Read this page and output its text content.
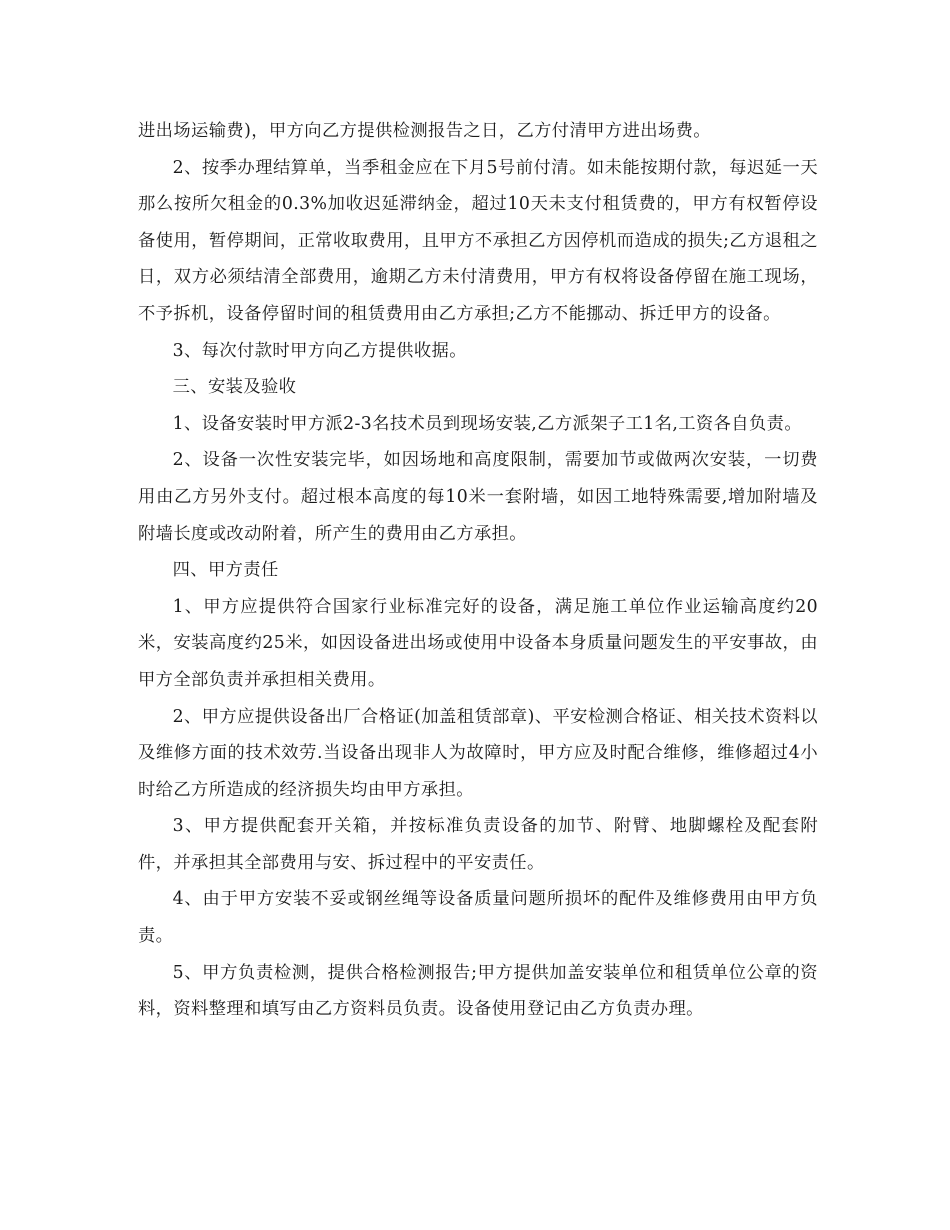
进出场运输费)，甲方向乙方提供检测报告之日，乙方付清甲方进出场费。

2、按季办理结算单，当季租金应在下月5号前付清。如未能按期付款，每迟延一天那么按所欠租金的0.3%加收迟延滞纳金，超过10天未支付租赁费的，甲方有权暂停设备使用，暂停期间，正常收取费用，且甲方不承担乙方因停机而造成的损失;乙方退租之日，双方必须结清全部费用，逾期乙方未付清费用，甲方有权将设备停留在施工现场，不予拆机，设备停留时间的租赁费用由乙方承担;乙方不能挪动、拆迁甲方的设备。

3、每次付款时甲方向乙方提供收据。

三、安装及验收

1、设备安装时甲方派2-3名技术员到现场安装,乙方派架子工1名,工资各自负责。

2、设备一次性安装完毕，如因场地和高度限制，需要加节或做两次安装，一切费用由乙方另外支付。超过根本高度的每10米一套附墙，如因工地特殊需要,增加附墙及附墙长度或改动附着，所产生的费用由乙方承担。

四、甲方责任

1、甲方应提供符合国家行业标准完好的设备，满足施工单位作业运输高度约20米，安装高度约25米，如因设备进出场或使用中设备本身质量问题发生的平安事故，由甲方全部负责并承担相关费用。

2、甲方应提供设备出厂合格证(加盖租赁部章)、平安检测合格证、相关技术资料以及维修方面的技术效劳.当设备出现非人为故障时，甲方应及时配合维修，维修超过4小时给乙方所造成的经济损失均由甲方承担。

3、甲方提供配套开关箱，并按标准负责设备的加节、附臂、地脚螺栓及配套附件，并承担其全部费用与安、拆过程中的平安责任。

4、由于甲方安装不妥或钢丝绳等设备质量问题所损坏的配件及维修费用由甲方负责。

5、甲方负责检测，提供合格检测报告;甲方提供加盖安装单位和租赁单位公章的资料，资料整理和填写由乙方资料员负责。设备使用登记由乙方负责办理。
